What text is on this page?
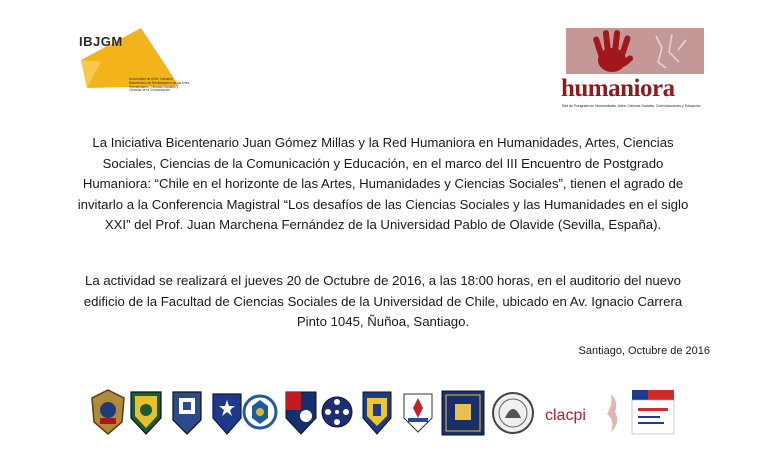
IBJGM
Universidad de Chile. Iniciativa Bicentenario de Revitalización de las Artes, Humanidades, Ciencias Sociales y Ciencias de la Comunicación	humaniora
Red de Postgrado en Humanidades, Artes, Ciencias Sociales, Comunicaciones y Educación

La Iniciativa Bicentenario Juan Gómez Millas y la Red Humaniora en Humanidades, Artes, Ciencias Sociales, Ciencias de la Comunicación y Educación, en el marco del III Encuentro de Postgrado Humaniora: “Chile en el horizonte de las Artes, Humanidades y Ciencias Sociales”, tienen el agrado de invitarlo a la Conferencia Magistral “Los desafíos de las Ciencias Sociales y las Humanidades en el siglo XXI” del Prof. Juan Marchena Fernández de la Universidad Pablo de Olavide (Sevilla, España).

La actividad se realizará el jueves 20 de Octubre de 2016, a las 18:00 horas, en el auditorio del nuevo edificio de la Facultad de Ciencias Sociales de la Universidad de Chile, ubicado en Av. Ignacio Carrera Pinto 1045, Ñuñoa, Santiago.

Santiago, Octubre de 2016
clacpi
